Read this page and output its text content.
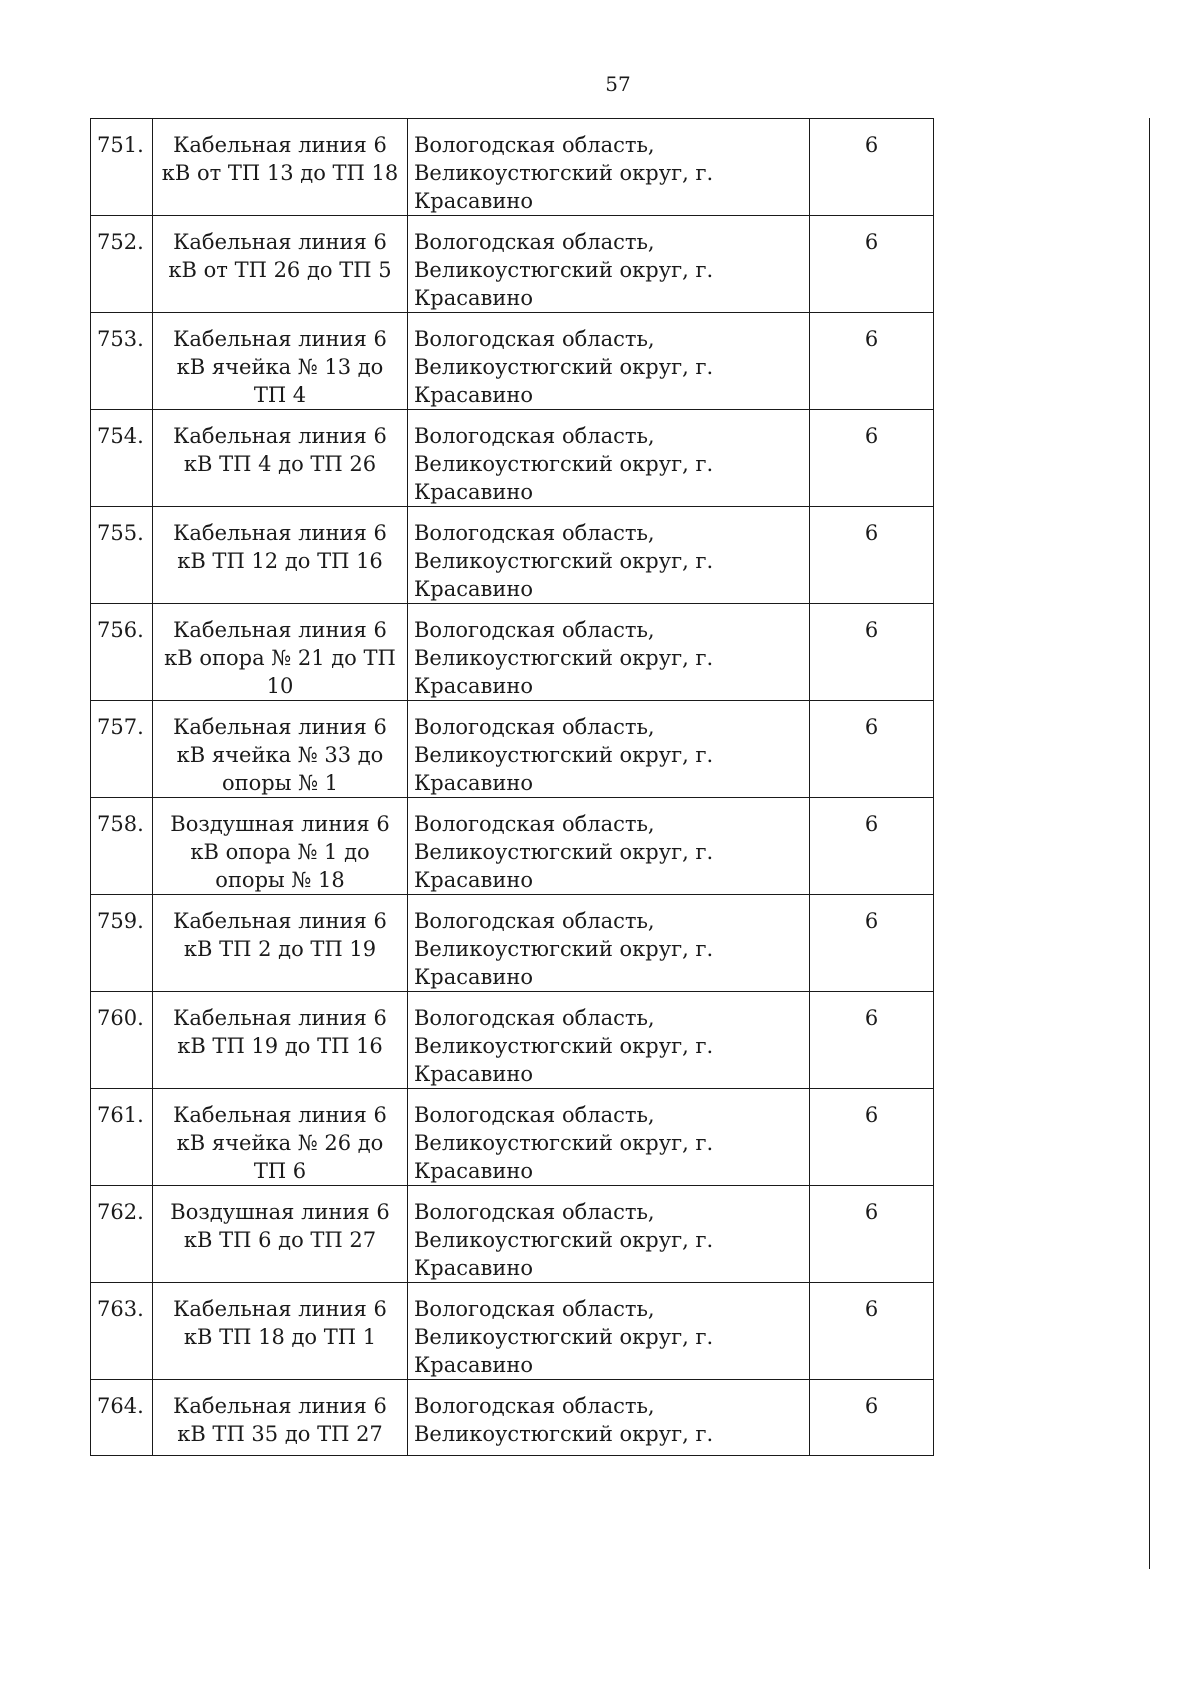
57
751.	Кабельная линия 6 кВ от ТП 13 до ТП 18	Вологодская область, Великоустюгский округ, г. Красавино	6
752.	Кабельная линия 6 кВ от ТП 26 до ТП 5	Вологодская область, Великоустюгский округ, г. Красавино	6
753.	Кабельная линия 6 кВ ячейка № 13 до ТП 4	Вологодская область, Великоустюгский округ, г. Красавино	6
754.	Кабельная линия 6 кВ ТП 4 до ТП 26	Вологодская область, Великоустюгский округ, г. Красавино	6
755.	Кабельная линия 6 кВ ТП 12 до ТП 16	Вологодская область, Великоустюгский округ, г. Красавино	6
756.	Кабельная линия 6 кВ опора № 21 до ТП 10	Вологодская область, Великоустюгский округ, г. Красавино	6
757.	Кабельная линия 6 кВ ячейка № 33 до опоры № 1	Вологодская область, Великоустюгский округ, г. Красавино	6
758.	Воздушная линия 6 кВ опора № 1 до опоры № 18	Вологодская область, Великоустюгский округ, г. Красавино	6
759.	Кабельная линия 6 кВ ТП 2 до ТП 19	Вологодская область, Великоустюгский округ, г. Красавино	6
760.	Кабельная линия 6 кВ ТП 19 до ТП 16	Вологодская область, Великоустюгский округ, г. Красавино	6
761.	Кабельная линия 6 кВ ячейка № 26 до ТП 6	Вологодская область, Великоустюгский округ, г. Красавино	6
762.	Воздушная линия 6 кВ ТП 6 до ТП 27	Вологодская область, Великоустюгский округ, г. Красавино	6
763.	Кабельная линия 6 кВ ТП 18 до ТП 1	Вологодская область, Великоустюгский округ, г. Красавино	6
764.	Кабельная линия 6 кВ ТП 35 до ТП 27	Вологодская область, Великоустюгский округ, г.	6
